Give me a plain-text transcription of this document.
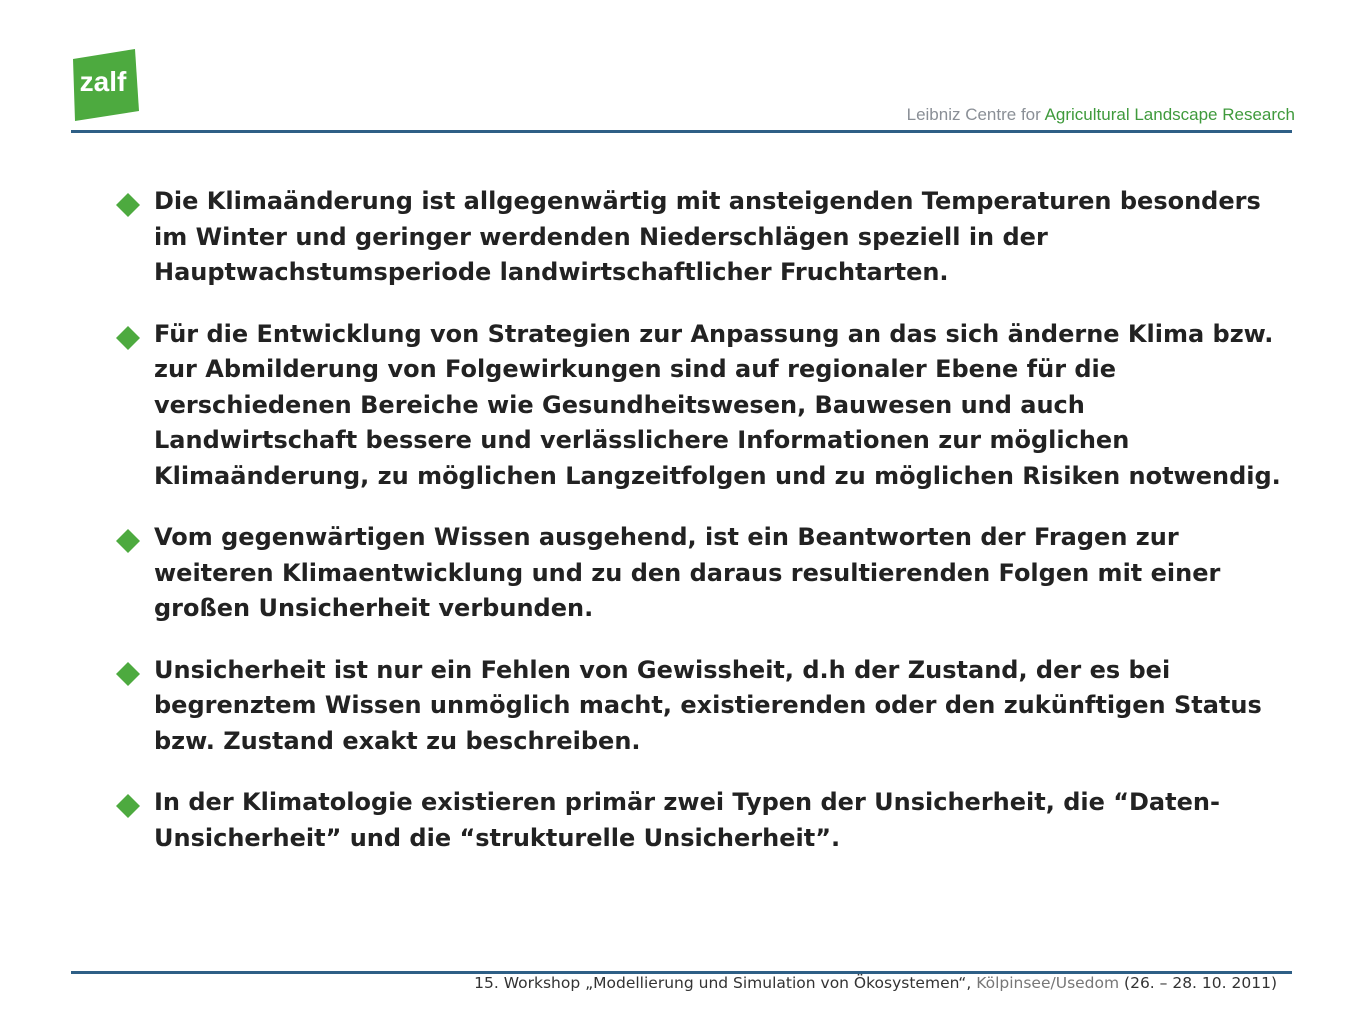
zalf
Leibniz Centre for Agricultural Landscape Research
Die Klimaänderung ist allgegenwärtig mit ansteigenden Temperaturen besonders im Winter und geringer werdenden Niederschlägen speziell in der Hauptwachstumsperiode landwirtschaftlicher Fruchtarten.
Für die Entwicklung von Strategien zur Anpassung an das sich änderne Klima bzw. zur Abmilderung von Folgewirkungen sind auf regionaler Ebene für die verschiedenen Bereiche wie Gesundheitswesen, Bauwesen und auch Landwirtschaft bessere und verlässlichere Informationen zur möglichen Klimaänderung, zu möglichen Langzeitfolgen und zu möglichen Risiken notwendig.
Vom gegenwärtigen Wissen ausgehend, ist ein Beantworten der Fragen zur weiteren Klimaentwicklung und zu den daraus resultierenden Folgen mit einer großen Unsicherheit verbunden.
Unsicherheit ist nur ein Fehlen von Gewissheit, d.h der Zustand, der es bei begrenztem Wissen unmöglich macht, existierenden oder den zukünftigen Status bzw. Zustand exakt zu beschreiben.
In der Klimatologie existieren primär zwei Typen der Unsicherheit, die “Daten-Unsicherheit” und die “strukturelle Unsicherheit”.
15. Workshop „Modellierung und Simulation von Ökosystemen“, Kölpinsee/Usedom (26. – 28. 10. 2011)
